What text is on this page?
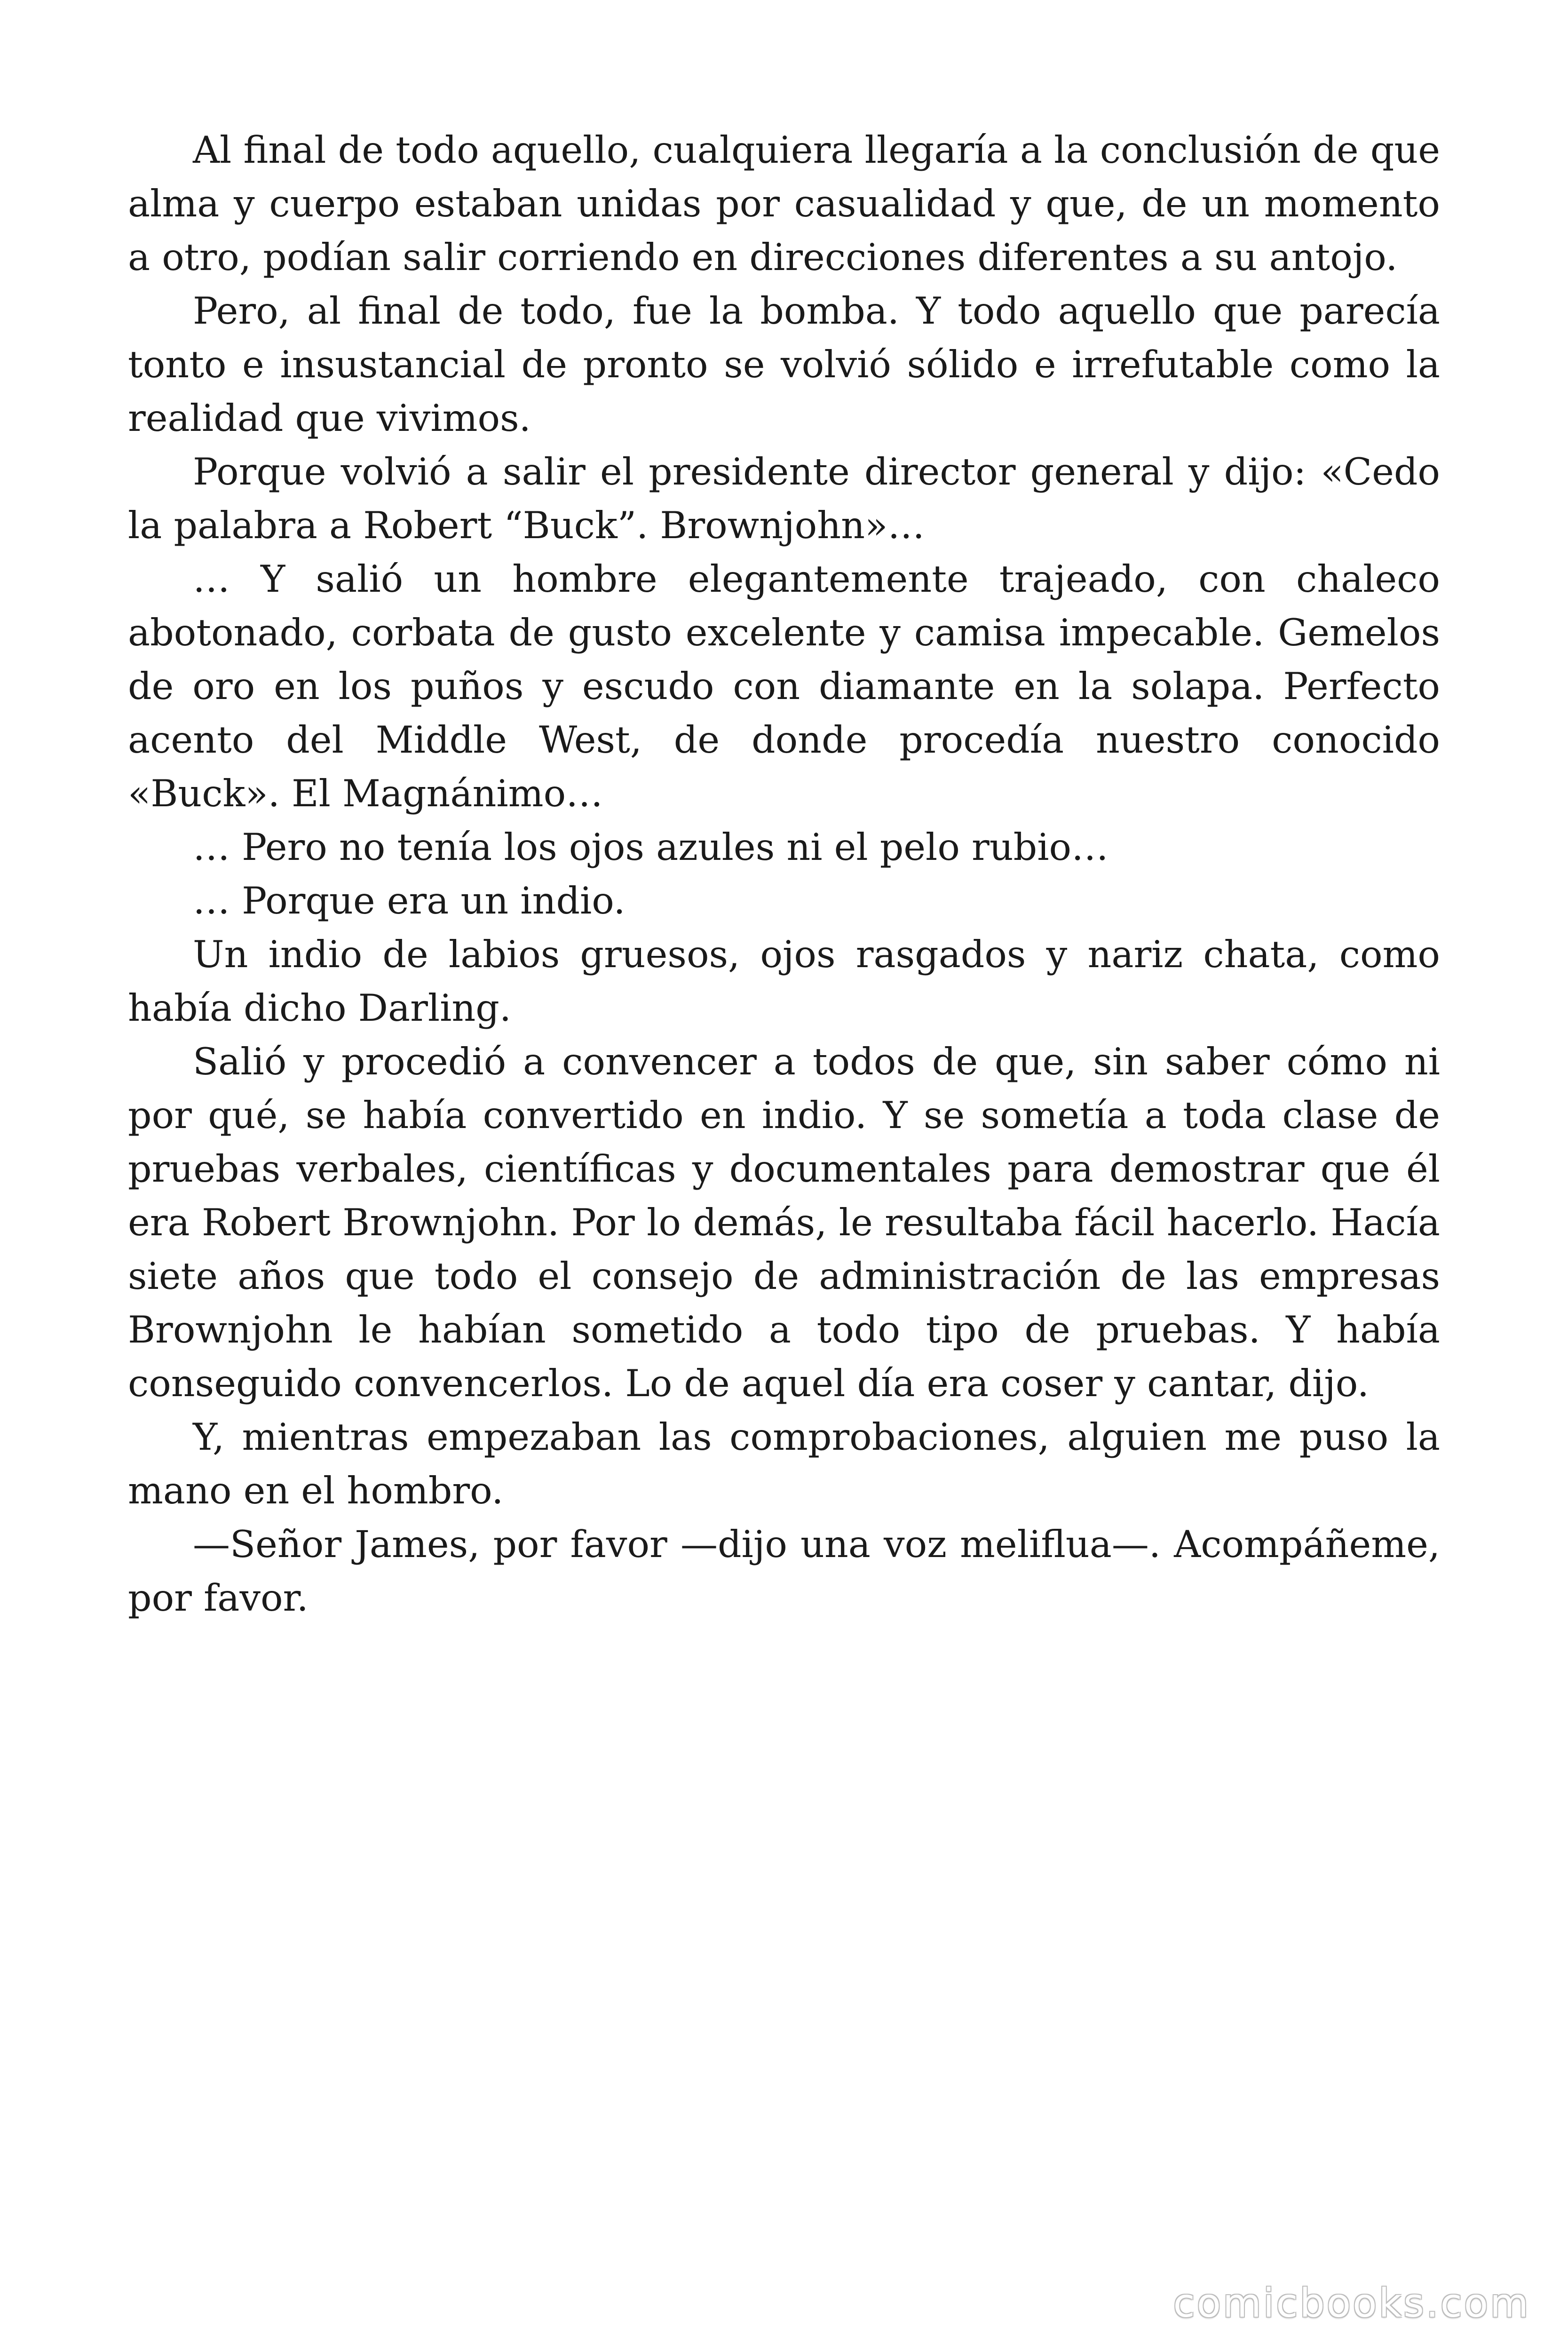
Al final de todo aquello, cualquiera llegaría a la conclusión de que alma y cuerpo estaban unidas por casualidad y que, de un momento a otro, podían salir corriendo en direcciones diferentes a su antojo.

Pero, al final de todo, fue la bomba. Y todo aquello que parecía tonto e insustancial de pronto se volvió sólido e irrefutable como la realidad que vivimos.

Porque volvió a salir el presidente director general y dijo: «Cedo la palabra a Robert “Buck”. Brownjohn»…

… Y salió un hombre elegantemente trajeado, con chaleco abotonado, corbata de gusto excelente y camisa impecable. Gemelos de oro en los puños y escudo con diamante en la solapa. Perfecto acento del Middle West, de donde procedía nuestro conocido «Buck». El Magnánimo…

… Pero no tenía los ojos azules ni el pelo rubio…

… Porque era un indio.

Un indio de labios gruesos, ojos rasgados y nariz chata, como había dicho Darling.

Salió y procedió a convencer a todos de que, sin saber cómo ni por qué, se había convertido en indio. Y se sometía a toda clase de pruebas verbales, científicas y documentales para demostrar que él era Robert Brownjohn. Por lo demás, le resultaba fácil hacerlo. Hacía siete años que todo el consejo de administración de las empresas Brownjohn le habían sometido a todo tipo de pruebas. Y había conseguido convencerlos. Lo de aquel día era coser y cantar, dijo.

Y, mientras empezaban las comprobaciones, alguien me puso la mano en el hombro.

—Señor James, por favor —dijo una voz meliflua—. Acompáñeme, por favor.

comicbooks.com
